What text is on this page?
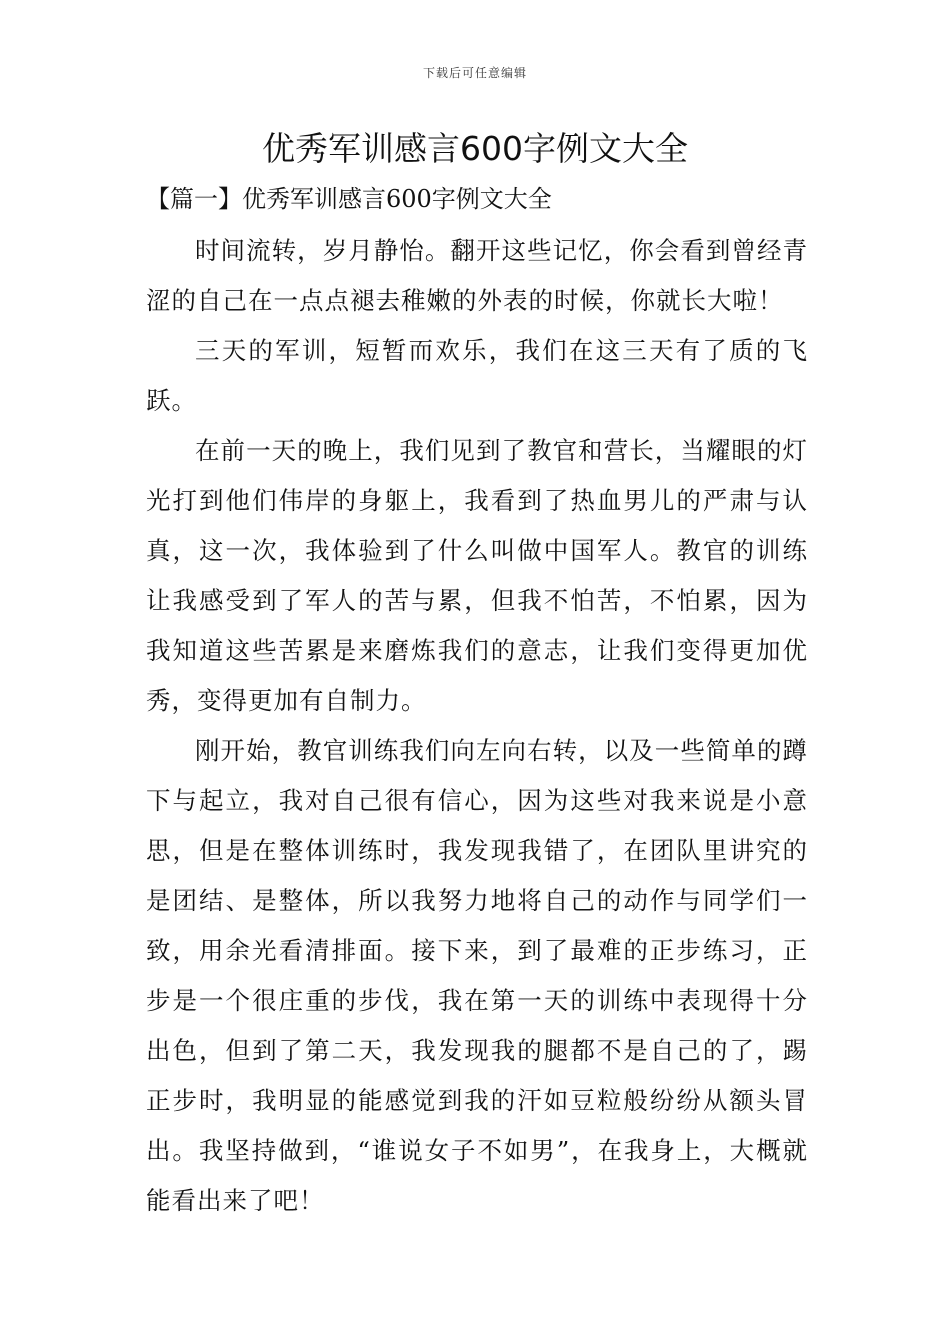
下载后可任意编辑
优秀军训感言600字例文大全
【篇一】优秀军训感言600字例文大全

时间流转，岁月静怡。翻开这些记忆，你会看到曾经青涩的自己在一点点褪去稚嫩的外表的时候，你就长大啦！

三天的军训，短暂而欢乐，我们在这三天有了质的飞跃。

在前一天的晚上，我们见到了教官和营长，当耀眼的灯光打到他们伟岸的身躯上，我看到了热血男儿的严肃与认真，这一次，我体验到了什么叫做中国军人。教官的训练让我感受到了军人的苦与累，但我不怕苦，不怕累，因为我知道这些苦累是来磨炼我们的意志，让我们变得更加优秀，变得更加有自制力。

刚开始，教官训练我们向左向右转，以及一些简单的蹲下与起立，我对自己很有信心，因为这些对我来说是小意思，但是在整体训练时，我发现我错了，在团队里讲究的是团结、是整体，所以我努力地将自己的动作与同学们一致，用余光看清排面。接下来，到了最难的正步练习，正步是一个很庄重的步伐，我在第一天的训练中表现得十分出色，但到了第二天，我发现我的腿都不是自己的了，踢正步时，我明显的能感觉到我的汗如豆粒般纷纷从额头冒出。我坚持做到，“谁说女子不如男”，在我身上，大概就能看出来了吧！
